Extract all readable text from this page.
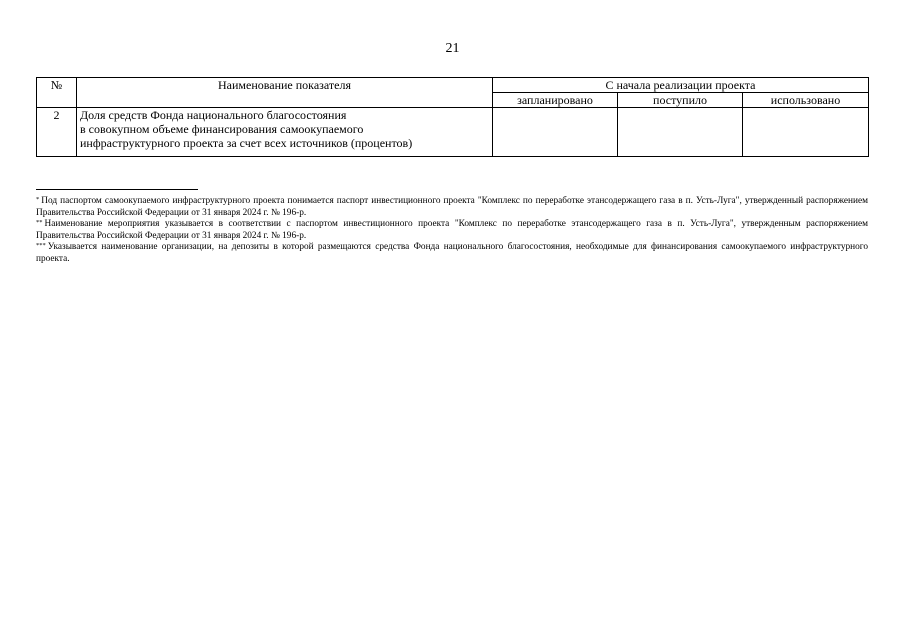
21
№	Наименование показателя	С начала реализации проекта		
		запланировано	поступило	использовано
2	Доля средств Фонда национального благосостояния
в совокупном объеме финансирования самоокупаемого
инфраструктурного проекта за счет всех источников (процентов)			

* Под паспортом самоокупаемого инфраструктурного проекта понимается паспорт инвестиционного проекта "Комплекс по переработке этансодержащего газа в п. Усть-Луга", утвержденный распоряжением Правительства Российской Федерации от 31 января 2024 г. № 196-р.

** Наименование мероприятия указывается в соответствии с паспортом инвестиционного проекта "Комплекс по переработке этансодержащего газа в п. Усть-Луга", утвержденным распоряжением Правительства Российской Федерации от 31 января 2024 г. № 196-р.

*** Указывается наименование организации, на депозиты в которой размещаются средства Фонда национального благосостояния, необходимые для финансирования самоокупаемого инфраструктурного проекта.
